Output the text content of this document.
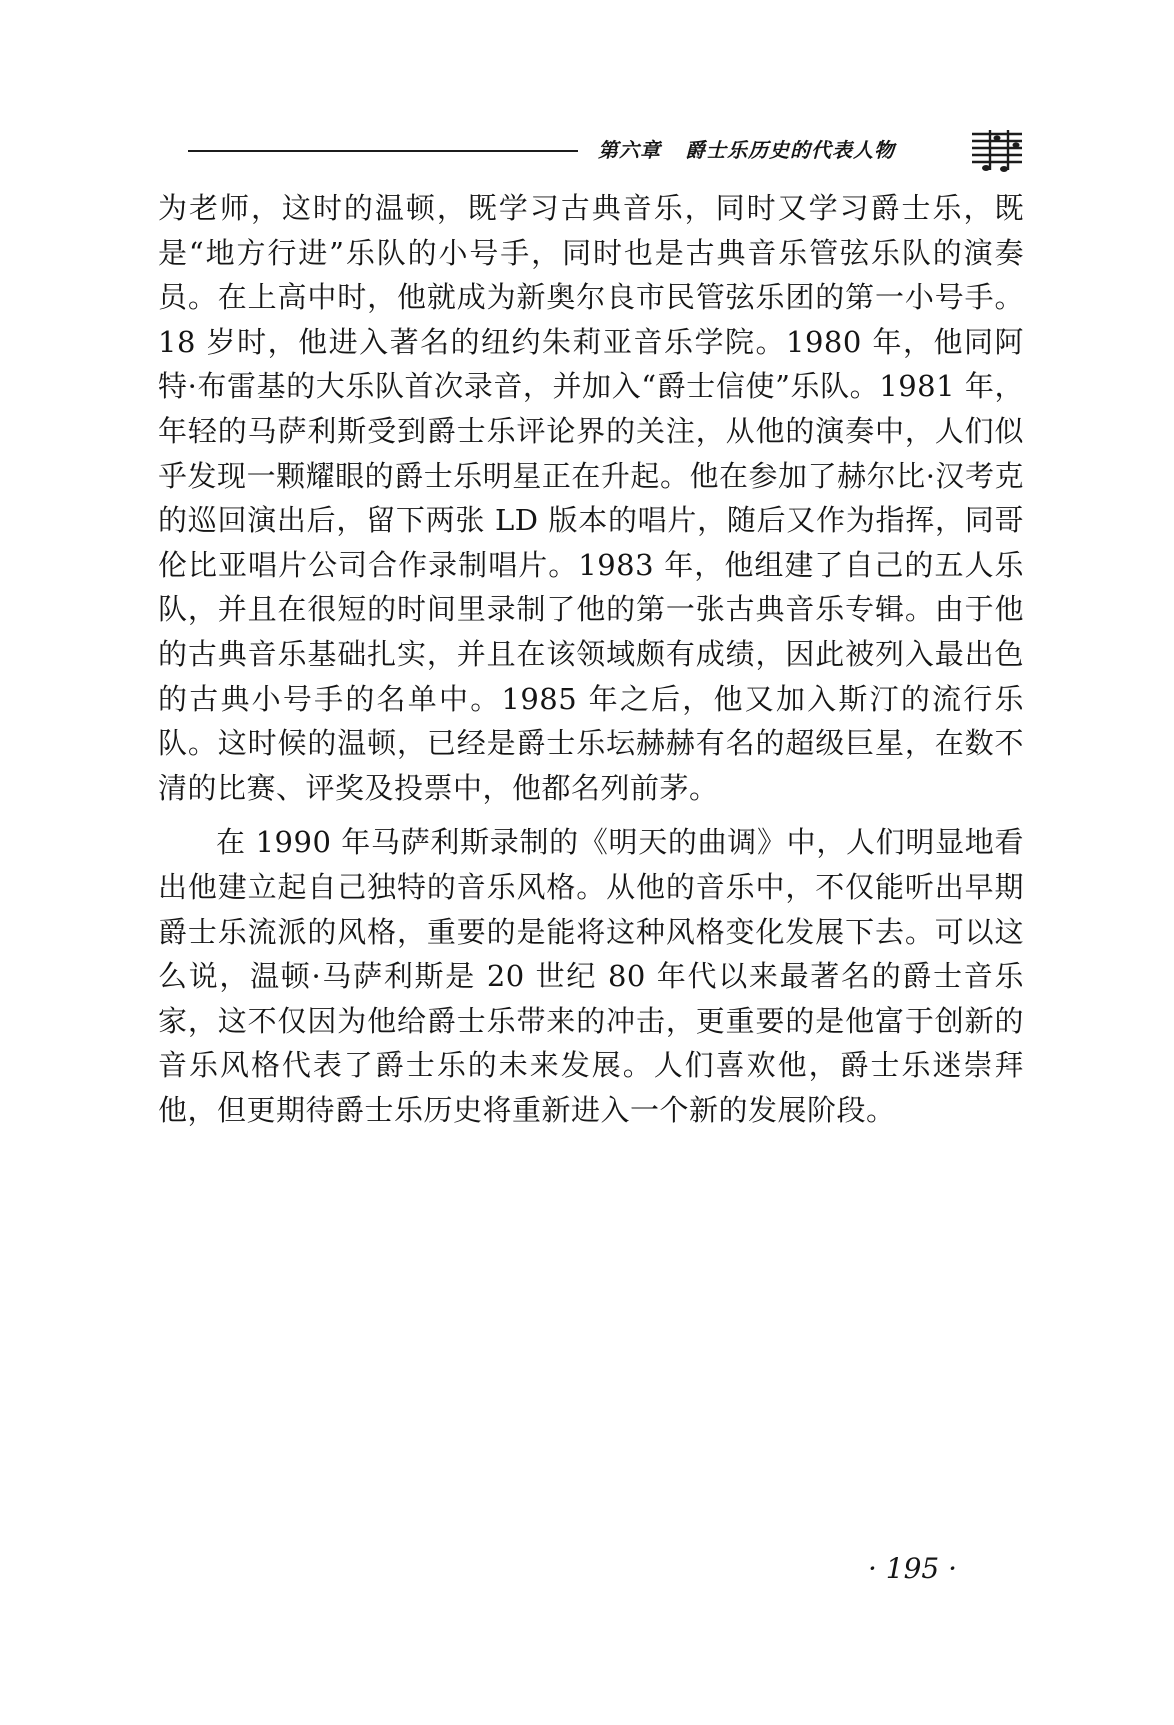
第六章 爵士乐历史的代表人物

为老师，这时的温顿，既学习古典音乐，同时又学习爵士乐，既是“地方行进”乐队的小号手，同时也是古典音乐管弦乐队的演奏员。在上高中时，他就成为新奥尔良市民管弦乐团的第一小号手。18 岁时，他进入著名的纽约朱莉亚音乐学院。1980 年，他同阿特·布雷基的大乐队首次录音，并加入“爵士信使”乐队。1981 年，年轻的马萨利斯受到爵士乐评论界的关注，从他的演奏中，人们似乎发现一颗耀眼的爵士乐明星正在升起。他在参加了赫尔比·汉考克的巡回演出后，留下两张 LD 版本的唱片，随后又作为指挥，同哥伦比亚唱片公司合作录制唱片。1983 年，他组建了自己的五人乐队，并且在很短的时间里录制了他的第一张古典音乐专辑。由于他的古典音乐基础扎实，并且在该领域颇有成绩，因此被列入最出色的古典小号手的名单中。1985 年之后，他又加入斯汀的流行乐队。这时候的温顿，已经是爵士乐坛赫赫有名的超级巨星，在数不清的比赛、评奖及投票中，他都名列前茅。

在 1990 年马萨利斯录制的《明天的曲调》中，人们明显地看出他建立起自己独特的音乐风格。从他的音乐中，不仅能听出早期爵士乐流派的风格，重要的是能将这种风格变化发展下去。可以这么说，温顿·马萨利斯是 20 世纪 80 年代以来最著名的爵士音乐家，这不仅因为他给爵士乐带来的冲击，更重要的是他富于创新的音乐风格代表了爵士乐的未来发展。人们喜欢他，爵士乐迷崇拜他，但更期待爵士乐历史将重新进入一个新的发展阶段。

· 195 ·
